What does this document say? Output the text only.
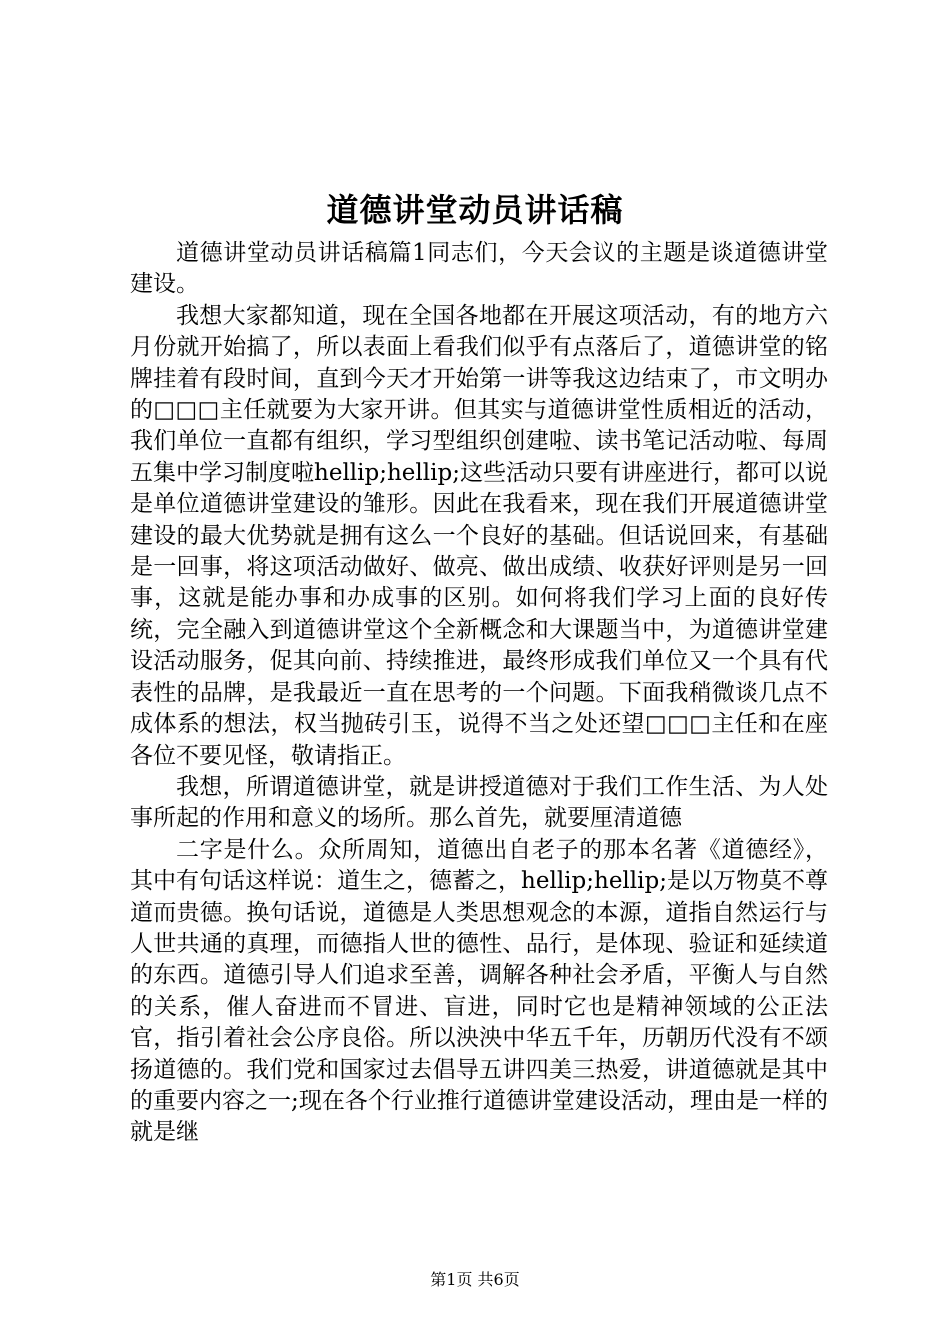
道德讲堂动员讲话稿

道德讲堂动员讲话稿篇1同志们，今天会议的主题是谈道德讲堂建设。

我想大家都知道，现在全国各地都在开展这项活动，有的地方六月份就开始搞了，所以表面上看我们似乎有点落后了，道德讲堂的铭牌挂着有段时间，直到今天才开始第一讲等我这边结束了，市文明办的□□□主任就要为大家开讲。但其实与道德讲堂性质相近的活动，我们单位一直都有组织，学习型组织创建啦、读书笔记活动啦、每周五集中学习制度啦hellip;hellip;这些活动只要有讲座进行，都可以说是单位道德讲堂建设的雏形。因此在我看来，现在我们开展道德讲堂建设的最大优势就是拥有这么一个良好的基础。但话说回来，有基础是一回事，将这项活动做好、做亮、做出成绩、收获好评则是另一回事，这就是能办事和办成事的区别。如何将我们学习上面的良好传统，完全融入到道德讲堂这个全新概念和大课题当中，为道德讲堂建设活动服务，促其向前、持续推进，最终形成我们单位又一个具有代表性的品牌，是我最近一直在思考的一个问题。下面我稍微谈几点不成体系的想法，权当抛砖引玉，说得不当之处还望□□□主任和在座各位不要见怪，敬请指正。

我想，所谓道德讲堂，就是讲授道德对于我们工作生活、为人处事所起的作用和意义的场所。那么首先，就要厘清道德

二字是什么。众所周知，道德出自老子的那本名著《道德经》，其中有句话这样说：道生之，德蓄之，hellip;hellip;是以万物莫不尊道而贵德。换句话说，道德是人类思想观念的本源，道指自然运行与人世共通的真理，而德指人世的德性、品行，是体现、验证和延续道的东西。道德引导人们追求至善，调解各种社会矛盾，平衡人与自然的关系，催人奋进而不冒进、盲进，同时它也是精神领域的公正法官，指引着社会公序良俗。所以泱泱中华五千年，历朝历代没有不颂扬道德的。我们党和国家过去倡导五讲四美三热爱，讲道德就是其中的重要内容之一;现在各个行业推行道德讲堂建设活动，理由是一样的就是继

第1页 共6页
